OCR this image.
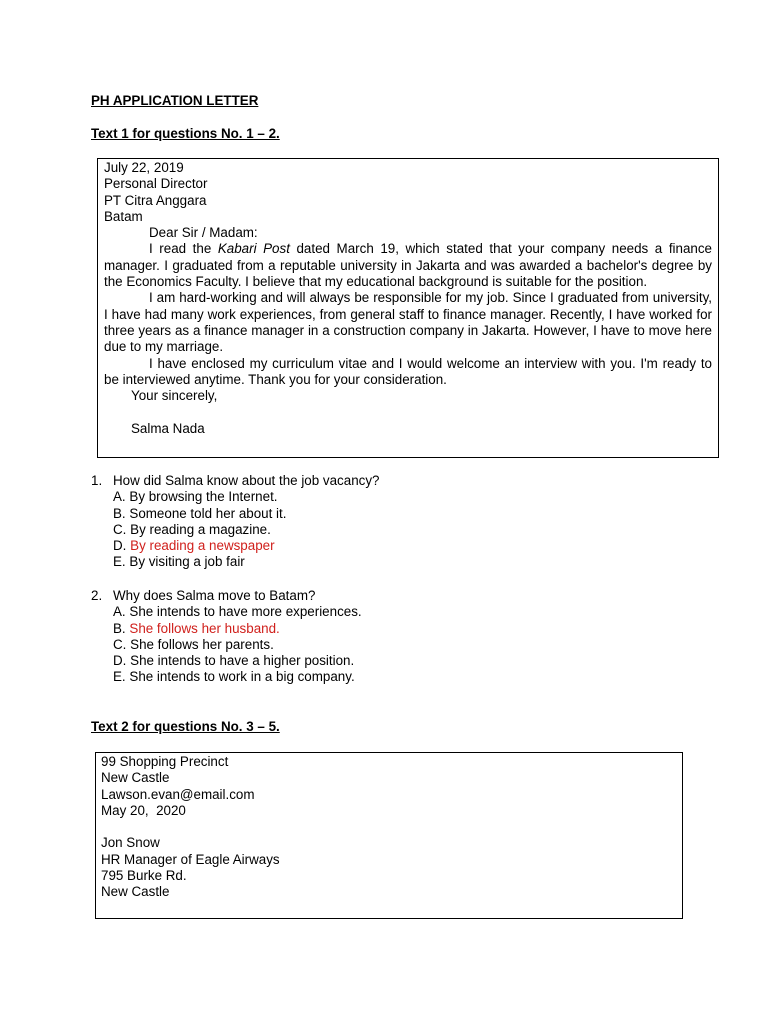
PH APPLICATION LETTER
Text 1 for questions No. 1 – 2.
July 22, 2019
Personal Director
PT Citra Anggara
Batam
Dear Sir / Madam:
I read the Kabari Post dated March 19, which stated that your company needs a finance manager. I graduated from a reputable university in Jakarta and was awarded a bachelor's degree by the Economics Faculty. I believe that my educational background is suitable for the position.
I am hard-working and will always be responsible for my job. Since I graduated from university, I have had many work experiences, from general staff to finance manager. Recently, I have worked for three years as a finance manager in a construction company in Jakarta. However, I have to move here due to my marriage.
I have enclosed my curriculum vitae and I would welcome an interview with you. I'm ready to be interviewed anytime. Thank you for your consideration.
Your sincerely,
Salma Nada
1. How did Salma know about the job vacancy?
A. By browsing the Internet.
B. Someone told her about it.
C. By reading a magazine.
D. By reading a newspaper
E. By visiting a job fair
2. Why does Salma move to Batam?
A. She intends to have more experiences.
B. She follows her husband.
C. She follows her parents.
D. She intends to have a higher position.
E. She intends to work in a big company.
Text 2 for questions No. 3 – 5.
99 Shopping Precinct
New Castle
Lawson.evan@email.com
May 20,  2020
Jon Snow
HR Manager of Eagle Airways
795 Burke Rd.
New Castle
